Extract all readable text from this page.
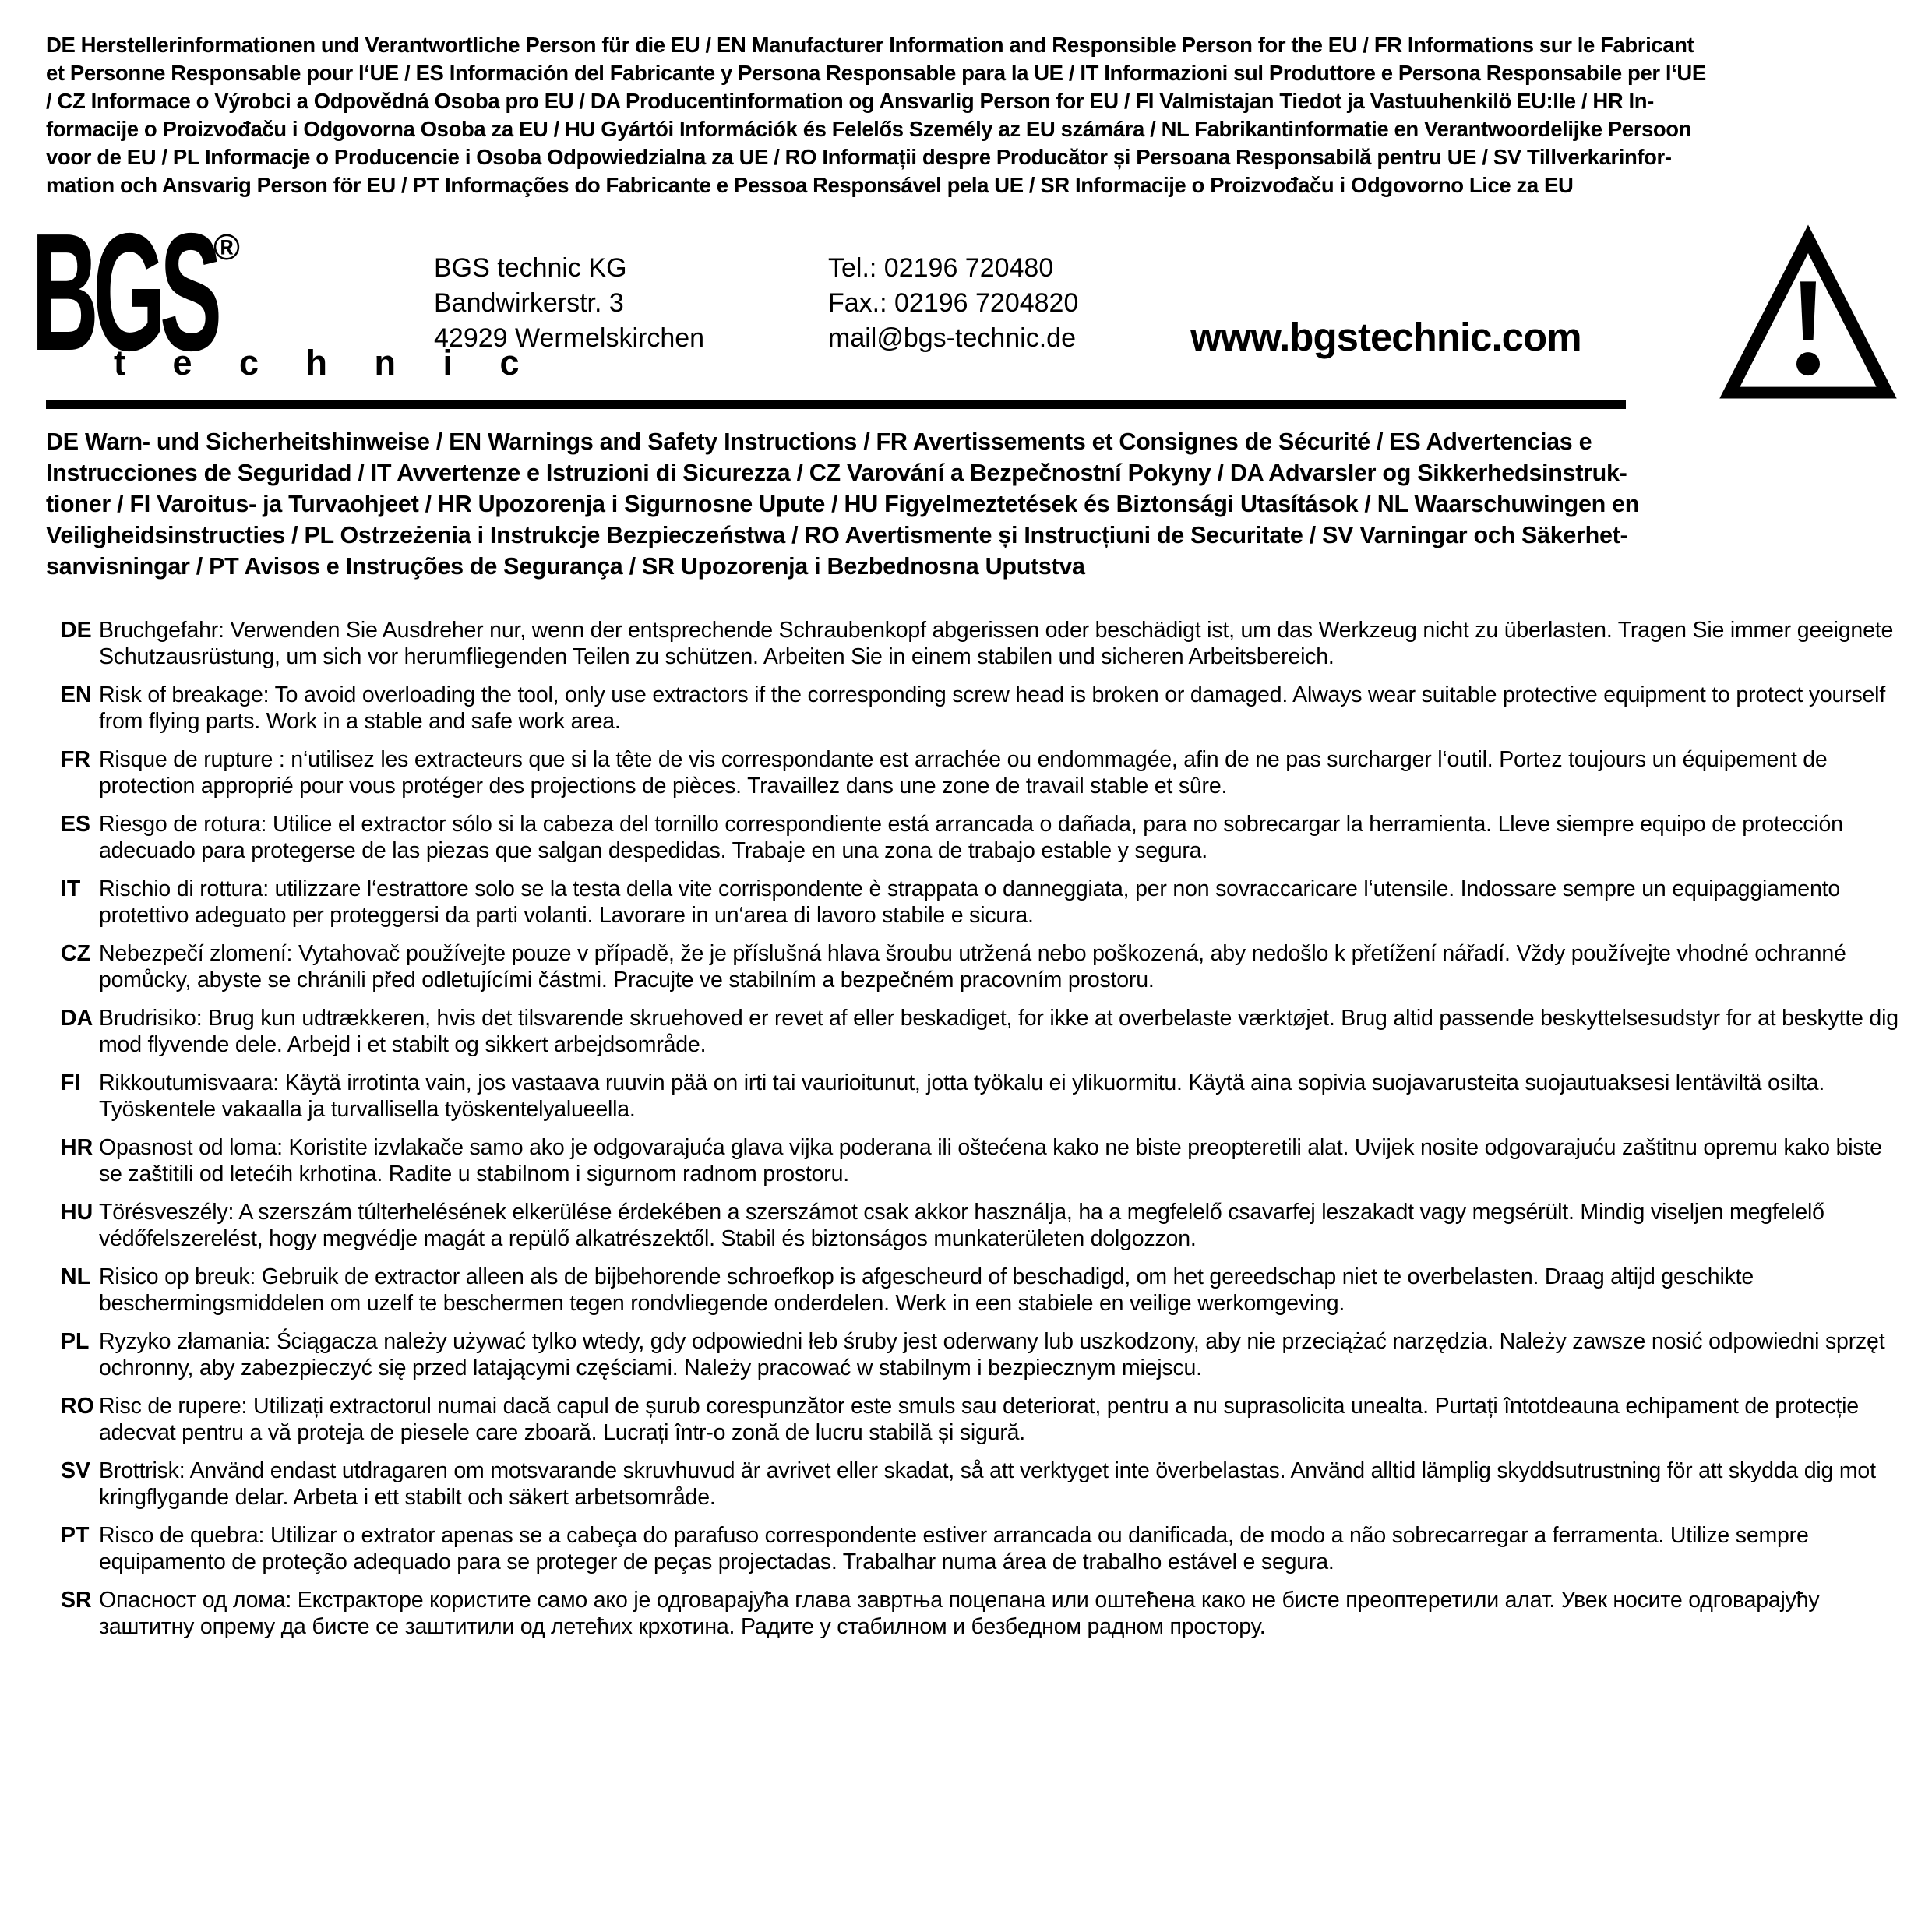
DE Herstellerinformationen und Verantwortliche Person für die EU / EN Manufacturer Information and Responsible Person for the EU / FR Informations sur le Fabricant
et Personne Responsable pour l‘UE / ES Información del Fabricante y Persona Responsable para la UE / IT Informazioni sul Produttore e Persona Responsabile per l‘UE
/ CZ Informace o Výrobci a Odpovědná Osoba pro EU / DA Producentinformation og Ansvarlig Person for EU / FI Valmistajan Tiedot ja Vastuuhenkilö EU:lle / HR In-
formacije o Proizvođaču i Odgovorna Osoba za EU / HU Gyártói Információk és Felelős Személy az EU számára / NL Fabrikantinformatie en Verantwoordelijke Persoon
voor de EU / PL Informacje o Producencie i Osoba Odpowiedzialna za UE / RO Informații despre Producător și Persoana Responsabilă pentru UE / SV Tillverkarinfor-
mation och Ansvarig Person för EU / PT Informações do Fabricante e Pessoa Responsável pela UE / SR Informacije o Proizvođaču i Odgovorno Lice za EU
BGS
®
t e c h n i c
BGS technic KG
Bandwirkerstr. 3
42929 Wermelskirchen
Tel.: 02196 720480
Fax.: 02196 7204820
mail@bgs-technic.de	www.bgstechnic.com
DE Warn- und Sicherheitshinweise / EN Warnings and Safety Instructions / FR Avertissements et Consignes de Sécurité / ES Advertencias e
Instrucciones de Seguridad / IT Avvertenze e Istruzioni di Sicurezza / CZ Varování a Bezpečnostní Pokyny / DA Advarsler og Sikkerhedsinstruk-
tioner / FI Varoitus- ja Turvaohjeet / HR Upozorenja i Sigurnosne Upute / HU Figyelmeztetések és Biztonsági Utasítások / NL Waarschuwingen en
Veiligheidsinstructies / PL Ostrzeżenia i Instrukcje Bezpieczeństwa / RO Avertismente și Instrucțiuni de Securitate / SV Varningar och Säkerhet-
sanvisningar / PT Avisos e Instruções de Segurança / SR Upozorenja i Bezbednosna Uputstva
DE Bruchgefahr: Verwenden Sie Ausdreher nur, wenn der entsprechende Schraubenkopf abgerissen oder beschädigt ist, um das Werkzeug nicht zu überlasten. Tragen Sie immer geeignete Schutzausrüstung, um sich vor herumfliegenden Teilen zu schützen. Arbeiten Sie in einem stabilen und sicheren Arbeitsbereich.
EN Risk of breakage: To avoid overloading the tool, only use extractors if the corresponding screw head is broken or damaged. Always wear suitable protective equipment to protect yourself from flying parts. Work in a stable and safe work area.
FR Risque de rupture : n‘utilisez les extracteurs que si la tête de vis correspondante est arrachée ou endommagée, afin de ne pas surcharger l‘outil. Portez toujours un équipement de protection approprié pour vous protéger des projections de pièces. Travaillez dans une zone de travail stable et sûre.
ES Riesgo de rotura: Utilice el extractor sólo si la cabeza del tornillo correspondiente está arrancada o dañada, para no sobrecargar la herramienta. Lleve siempre equipo de protección adecuado para protegerse de las piezas que salgan despedidas. Trabaje en una zona de trabajo estable y segura.
IT Rischio di rottura: utilizzare l‘estrattore solo se la testa della vite corrispondente è strappata o danneggiata, per non sovraccaricare l‘utensile. Indossare sempre un equipaggiamento protettivo adeguato per proteggersi da parti volanti. Lavorare in un‘area di lavoro stabile e sicura.
CZ Nebezpečí zlomení: Vytahovač používejte pouze v případě, že je příslušná hlava šroubu utržená nebo poškozená, aby nedošlo k přetížení nářadí. Vždy používejte vhodné ochranné pomůcky, abyste se chránili před odletujícími částmi. Pracujte ve stabilním a bezpečném pracovním prostoru.
DA Brudrisiko: Brug kun udtrækkeren, hvis det tilsvarende skruehoved er revet af eller beskadiget, for ikke at overbelaste værktøjet. Brug altid passende beskyttelsesudstyr for at beskytte dig mod flyvende dele. Arbejd i et stabilt og sikkert arbejdsområde.
FI Rikkoutumisvaara: Käytä irrotinta vain, jos vastaava ruuvin pää on irti tai vaurioitunut, jotta työkalu ei ylikuormitu. Käytä aina sopivia suojavarusteita suojautuaksesi lentäviltä osilta. Työskentele vakaalla ja turvallisella työskentelyalueella.
HR Opasnost od loma: Koristite izvlakače samo ako je odgovarajuća glava vijka poderana ili oštećena kako ne biste preopteretili alat. Uvijek nosite odgovarajuću zaštitnu opremu kako biste se zaštitili od letećih krhotina. Radite u stabilnom i sigurnom radnom prostoru.
HU Törésveszély: A szerszám túlterhelésének elkerülése érdekében a szerszámot csak akkor használja, ha a megfelelő csavarfej leszakadt vagy megsérült. Mindig viseljen megfelelő védőfelszerelést, hogy megvédje magát a repülő alkatrészektől. Stabil és biztonságos munkaterületen dolgozzon.
NL Risico op breuk: Gebruik de extractor alleen als de bijbehorende schroefkop is afgescheurd of beschadigd, om het gereedschap niet te overbelasten. Draag altijd geschikte beschermingsmiddelen om uzelf te beschermen tegen rondvliegende onderdelen. Werk in een stabiele en veilige werkomgeving.
PL Ryzyko złamania: Ściągacza należy używać tylko wtedy, gdy odpowiedni łeb śruby jest oderwany lub uszkodzony, aby nie przeciążać narzędzia. Należy zawsze nosić odpowiedni sprzęt ochronny, aby zabezpieczyć się przed latającymi częściami. Należy pracować w stabilnym i bezpiecznym miejscu.
RO Risc de rupere: Utilizați extractorul numai dacă capul de șurub corespunzător este smuls sau deteriorat, pentru a nu suprasolicita unealta. Purtați întotdeauna echipament de protecție adecvat pentru a vă proteja de piesele care zboară. Lucrați într-o zonă de lucru stabilă și sigură.
SV Brottrisk: Använd endast utdragaren om motsvarande skruvhuvud är avrivet eller skadat, så att verktyget inte överbelastas. Använd alltid lämplig skyddsutrustning för att skydda dig mot kringflygande delar. Arbeta i ett stabilt och säkert arbetsområde.
PT Risco de quebra: Utilizar o extrator apenas se a cabeça do parafuso correspondente estiver arrancada ou danificada, de modo a não sobrecarregar a ferramenta. Utilize sempre equipamento de proteção adequado para se proteger de peças projectadas. Trabalhar numa área de trabalho estável e segura.
SR Опасност од лома: Екстракторе користите само ако је одговарајућа глава завртња поцепана или оштећена како не бисте преоптеретили алат. Увек носите одговарајућу заштитну опрему да бисте се заштитили од летећих крхотина. Радите у стабилном и безбедном радном простору.
